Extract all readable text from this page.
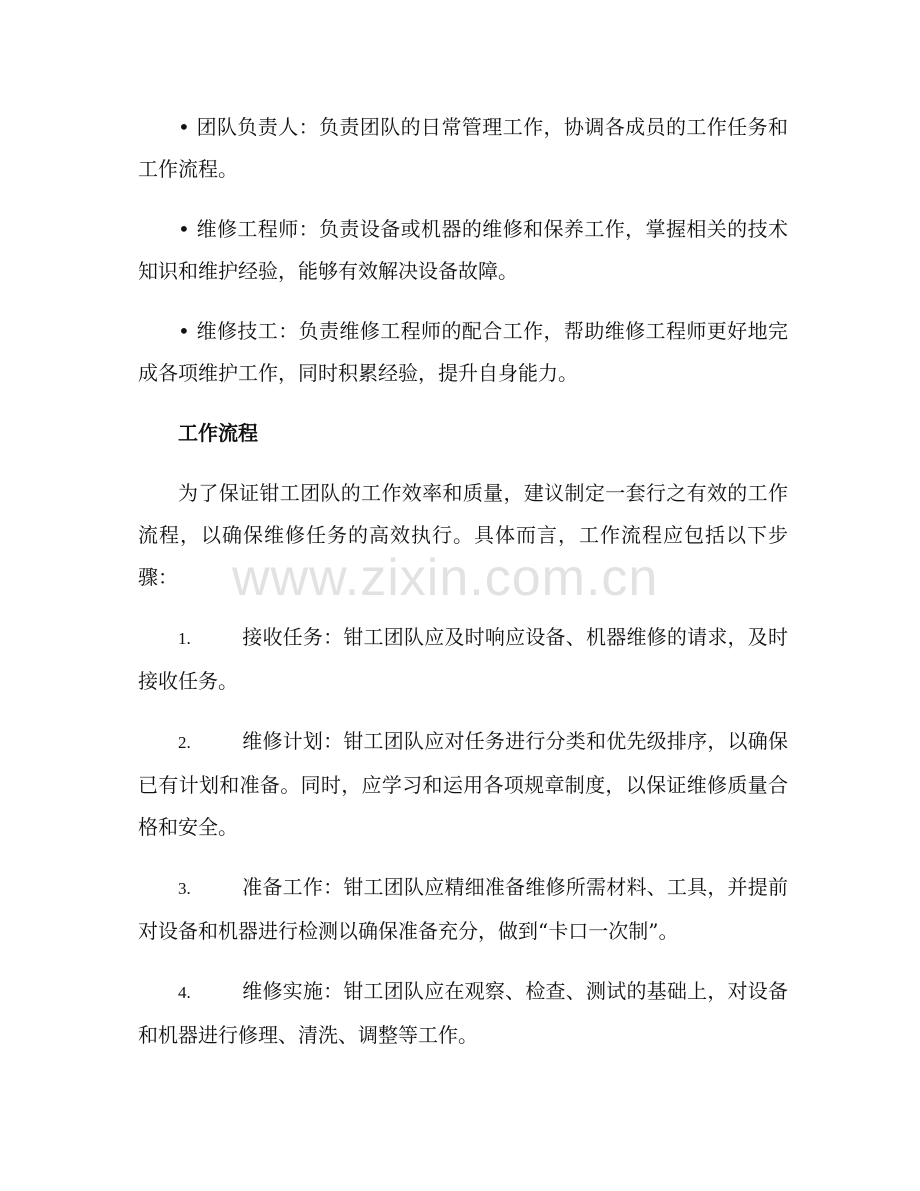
• 团队负责人：负责团队的日常管理工作，协调各成员的工作任务和工作流程。

• 维修工程师：负责设备或机器的维修和保养工作，掌握相关的技术知识和维护经验，能够有效解决设备故障。

• 维修技工：负责维修工程师的配合工作，帮助维修工程师更好地完成各项维护工作，同时积累经验，提升自身能力。

工作流程

为了保证钳工团队的工作效率和质量，建议制定一套行之有效的工作流程，以确保维修任务的高效执行。具体而言，工作流程应包括以下步骤：

1.	接收任务：钳工团队应及时响应设备、机器维修的请求，及时接收任务。

2.	维修计划：钳工团队应对任务进行分类和优先级排序，以确保已有计划和准备。同时，应学习和运用各项规章制度，以保证维修质量合格和安全。

3.	准备工作：钳工团队应精细准备维修所需材料、工具，并提前对设备和机器进行检测以确保准备充分，做到“卡口一次制”。

4.	维修实施：钳工团队应在观察、检查、测试的基础上，对设备和机器进行修理、清洗、调整等工作。

www.zixin.com.cn
